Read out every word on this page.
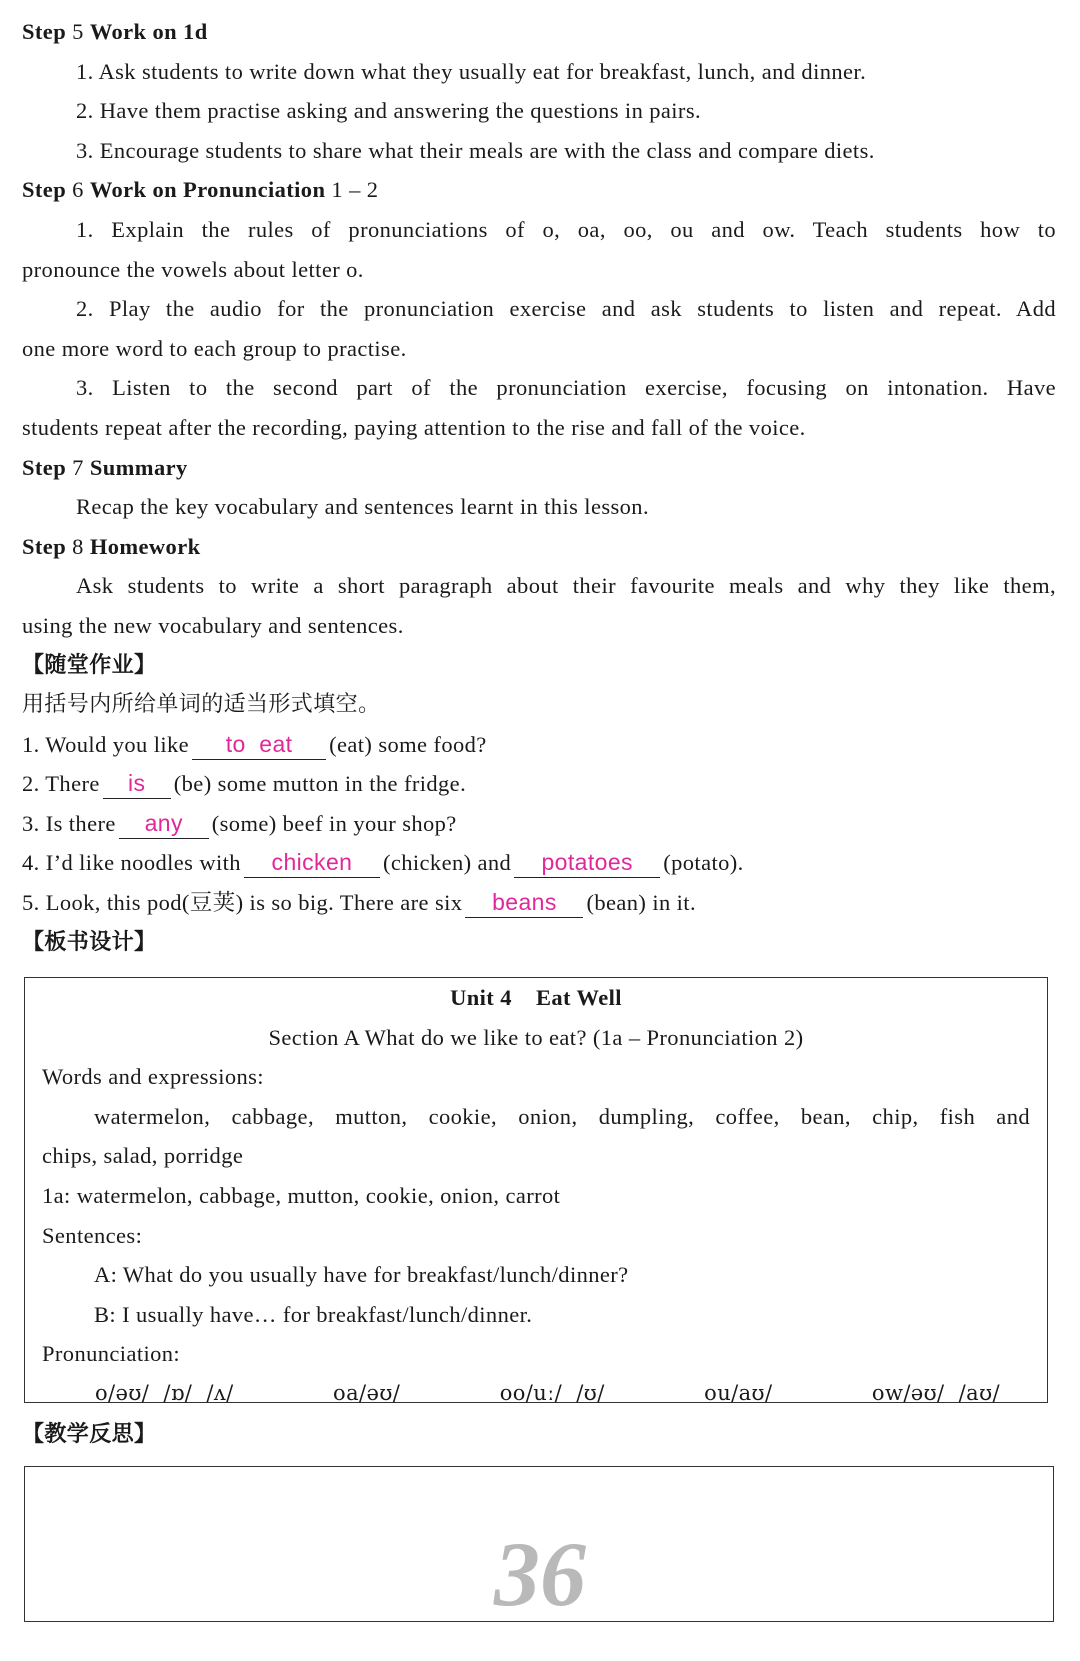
Step 5 Work on 1d
1. Ask students to write down what they usually eat for breakfast, lunch, and dinner.
2. Have them practise asking and answering the questions in pairs.
3. Encourage students to share what their meals are with the class and compare diets.
Step 6 Work on Pronunciation 1 – 2
1. Explain the rules of pronunciations of o, oa, oo, ou and ow. Teach students how to
pronounce the vowels about letter o.
2. Play the audio for the pronunciation exercise and ask students to listen and repeat. Add
one more word to each group to practise.
3. Listen to the second part of the pronunciation exercise, focusing on intonation. Have
students repeat after the recording, paying attention to the rise and fall of the voice.
Step 7 Summary
Recap the key vocabulary and sentences learnt in this lesson.
Step 8 Homework
Ask students to write a short paragraph about their favourite meals and why they like them,
using the new vocabulary and sentences.
【随堂作业】
用括号内所给单词的适当形式填空。
1. Would you like to  eat (eat) some food?
2. There is (be) some mutton in the fridge.
3. Is there any (some) beef in your shop?
4. I’d like noodles with chicken (chicken) and potatoes (potato).
5. Look, this pod(豆荚) is so big. There are six beans (bean) in it.
【板书设计】
Unit 4    Eat Well
Section A What do we like to eat? (1a – Pronunciation 2)
Words and expressions:
watermelon, cabbage, mutton, cookie, onion, dumpling, coffee, bean, chip, fish and
chips, salad, porridge
1a: watermelon, cabbage, mutton, cookie, onion, carrot
Sentences:
A: What do you usually have for breakfast/lunch/dinner?
B: I usually have… for breakfast/lunch/dinner.
Pronunciation:
o/əʊ/  /ɒ/  /ʌ/	oa/əʊ/	oo/uː/  /ʊ/	ou/aʊ/	ow/əʊ/  /aʊ/
【教学反思】
36
